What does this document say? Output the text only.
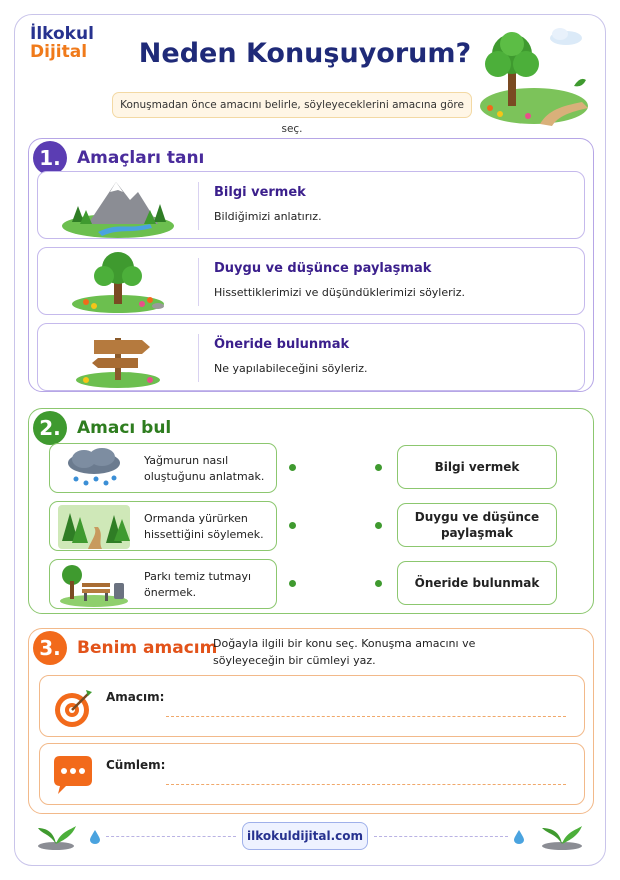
İlkokul
Dijital	Neden Konuşuyorum?
Konuşmadan önce amacını belirle, söyleyeceklerini amacına göre seç.
1. Amaçları tanı
Bilgi vermek
Bildiğimizi anlatırız.
Duygu ve düşünce paylaşmak
Hissettiklerimizi ve düşündüklerimizi söyleriz.
Öneride bulunmak
Ne yapılabileceğini söyleriz.
2. Amacı bul
Yağmurun nasıl oluştuğunu anlatmak.
Ormanda yürürken hissettiğini söylemek.
Parkı temiz tutmayı önermek.
Bilgi vermek
Duygu ve düşünce paylaşmak
Öneride bulunmak
3. Benim amacım
Doğayla ilgili bir konu seç. Konuşma amacını ve söyleyeceğin bir cümleyi yaz.
Amacım:
Cümlem:
ilkokuldijital.com
